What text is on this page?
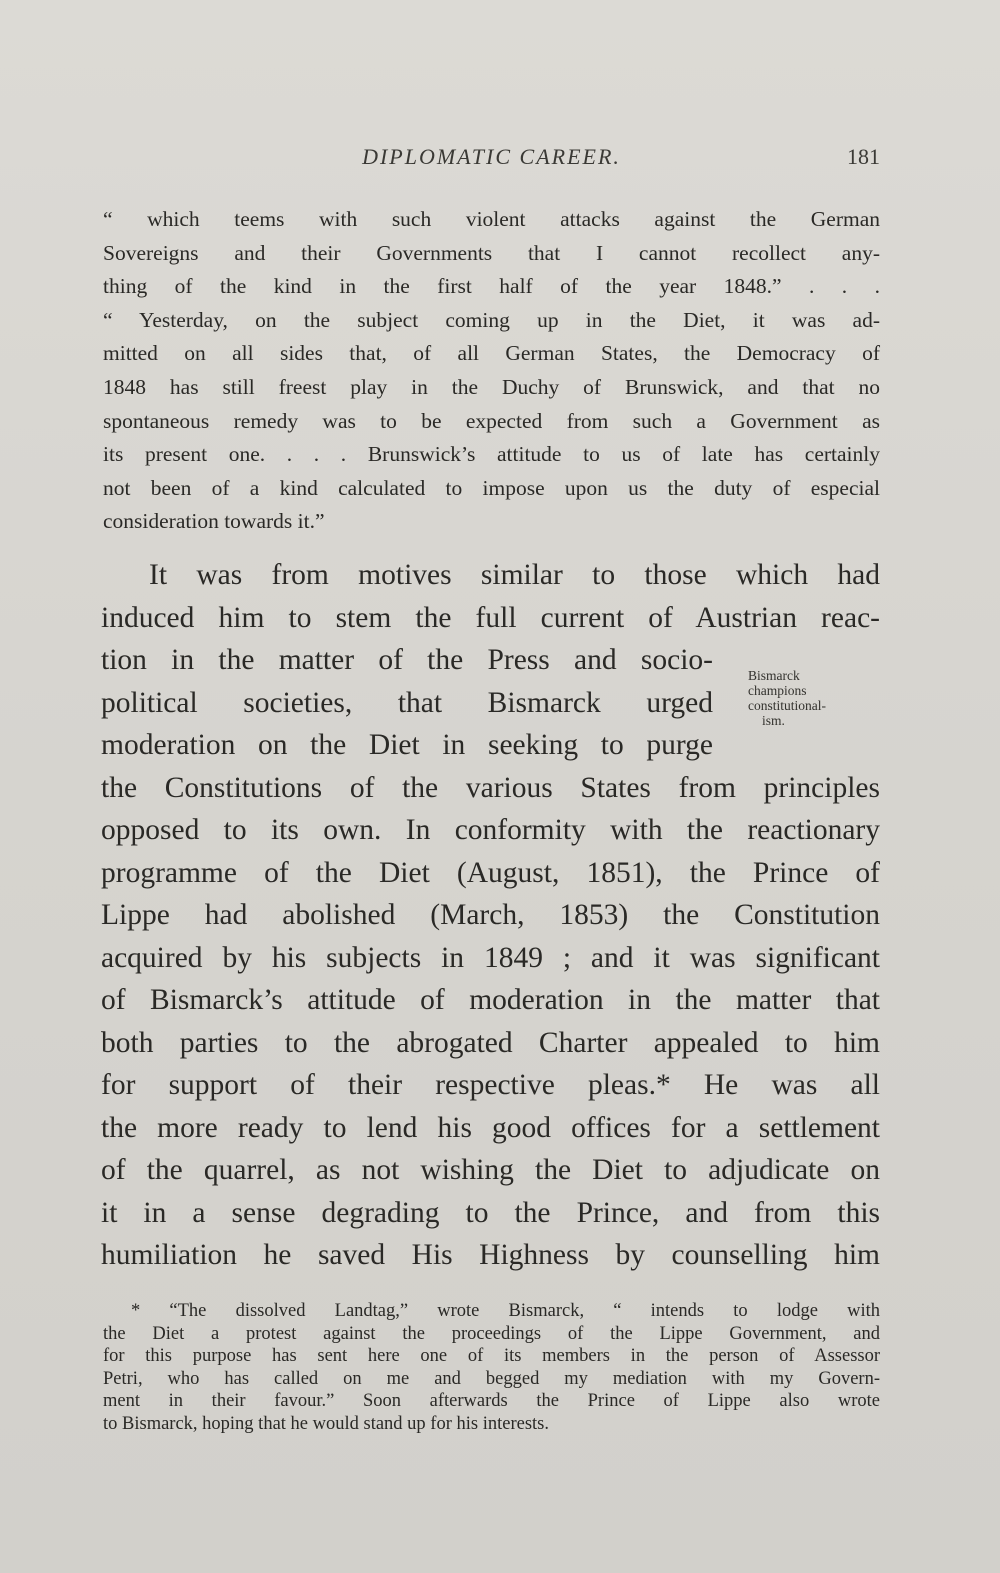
DIPLOMATIC CAREER.	181
“ which teems with such violent attacks against the German
Sovereigns and their Governments that I cannot recollect any-
thing of the kind in the first half of the year 1848.” . . .
“ Yesterday, on the subject coming up in the Diet, it was ad-
mitted on all sides that, of all German States, the Democracy of
1848 has still freest play in the Duchy of Brunswick, and that no
spontaneous remedy was to be expected from such a Government as
its present one. . . . Brunswick’s attitude to us of late has certainly
not been of a kind calculated to impose upon us the duty of especial
consideration towards it.”
It was from motives similar to those which had
induced him to stem the full current of Austrian reac-
tion in the matter of the Press and socio-
political societies, that Bismarck urged
moderation on the Diet in seeking to purge
the Constitutions of the various States from principles
opposed to its own. In conformity with the reactionary
programme of the Diet (August, 1851), the Prince of
Lippe had abolished (March, 1853) the Constitution
acquired by his subjects in 1849 ; and it was significant
of Bismarck’s attitude of moderation in the matter that
both parties to the abrogated Charter appealed to him
for support of their respective pleas.* He was all
the more ready to lend his good offices for a settlement
of the quarrel, as not wishing the Diet to adjudicate on
it in a sense degrading to the Prince, and from this
humiliation he saved His Highness by counselling him
Bismarck
champions
constitutional-
ism.
* “The dissolved Landtag,” wrote Bismarck, “ intends to lodge with
the Diet a protest against the proceedings of the Lippe Government, and
for this purpose has sent here one of its members in the person of Assessor
Petri, who has called on me and begged my mediation with my Govern-
ment in their favour.” Soon afterwards the Prince of Lippe also wrote
to Bismarck, hoping that he would stand up for his interests.
